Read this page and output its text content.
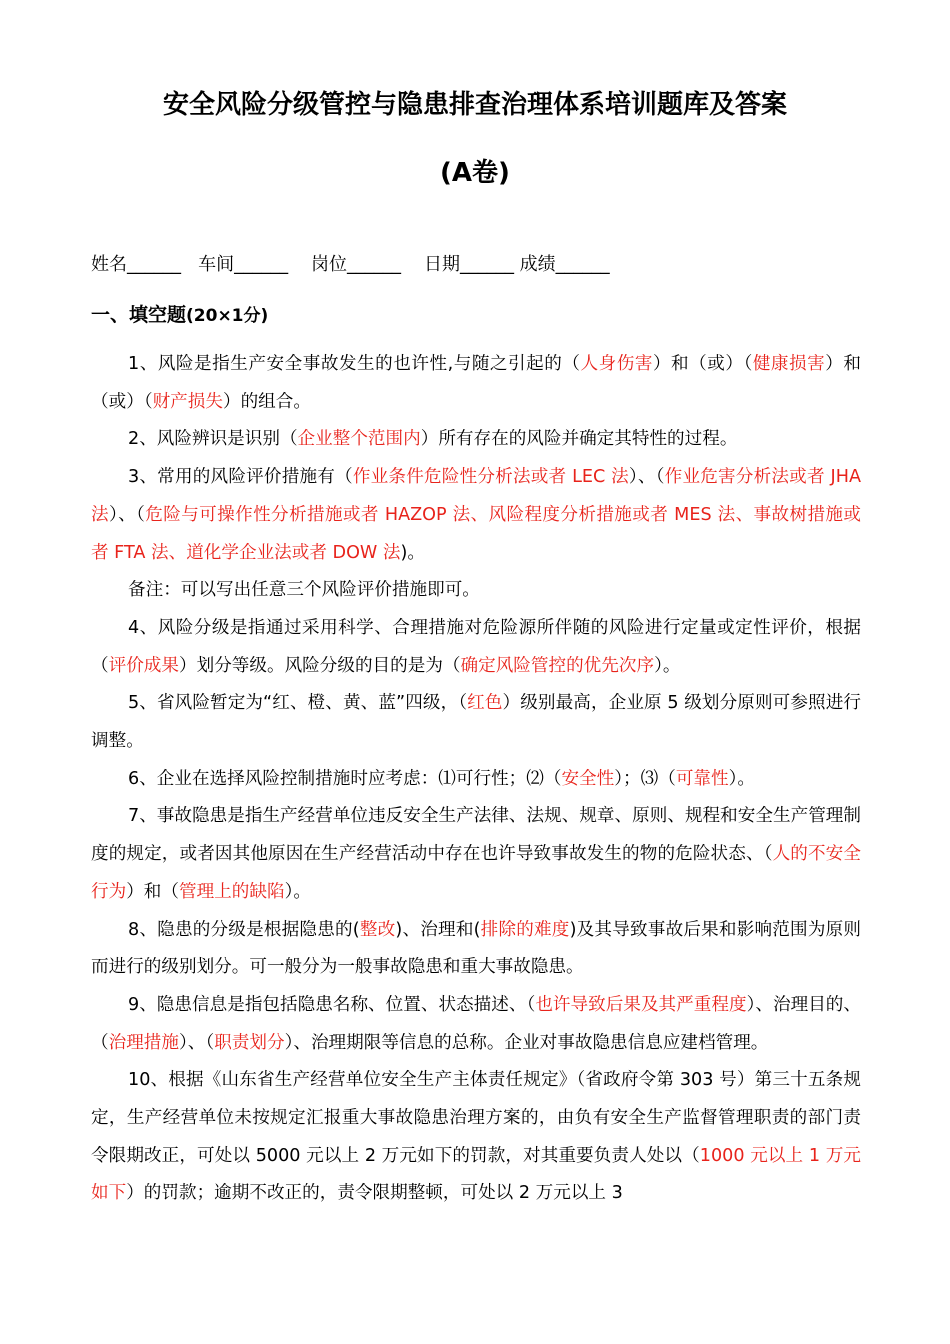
安全风险分级管控与隐患排查治理体系培训题库及答案
(A卷)
姓名______   车间______    岗位______    日期______ 成绩______
一、填空题(20×1分)

1、风险是指生产安全事故发生的也许性,与随之引起的（人身伤害）和（或）（健康损害）和（或）（财产损失）的组合。

2、风险辨识是识别（企业整个范围内）所有存在的风险并确定其特性的过程。

3、常用的风险评价措施有（作业条件危险性分析法或者 LEC 法）、（作业危害分析法或者 JHA 法）、（危险与可操作性分析措施或者 HAZOP 法、风险程度分析措施或者 MES 法、事故树措施或者 FTA 法、道化学企业法或者 DOW 法)。

备注：可以写出任意三个风险评价措施即可。

4、风险分级是指通过采用科学、合理措施对危险源所伴随的风险进行定量或定性评价，根据（评价成果）划分等级。风险分级的目的是为（确定风险管控的优先次序）。

5、省风险暂定为“红、橙、黄、蓝”四级，（红色）级别最高，企业原 5 级划分原则可参照进行调整。

6、企业在选择风险控制措施时应考虑：⑴可行性；⑵（安全性）；⑶（可靠性）。

7、事故隐患是指生产经营单位违反安全生产法律、法规、规章、原则、规程和安全生产管理制度的规定，或者因其他原因在生产经营活动中存在也许导致事故发生的物的危险状态、（人的不安全行为）和（管理上的缺陷）。

8、隐患的分级是根据隐患的(整改)、治理和(排除的难度)及其导致事故后果和影响范围为原则而进行的级别划分。可一般分为一般事故隐患和重大事故隐患。

9、隐患信息是指包括隐患名称、位置、状态描述、（也许导致后果及其严重程度）、治理目的、（治理措施）、（职责划分）、治理期限等信息的总称。企业对事故隐患信息应建档管理。

10、根据《山东省生产经营单位安全生产主体责任规定》（省政府令第 303 号）第三十五条规定，生产经营单位未按规定汇报重大事故隐患治理方案的，由负有安全生产监督管理职责的部门责令限期改正，可处以 5000 元以上 2 万元如下的罚款，对其重要负责人处以（1000 元以上 1 万元如下）的罚款；逾期不改正的，责令限期整顿，可处以 2 万元以上 3
